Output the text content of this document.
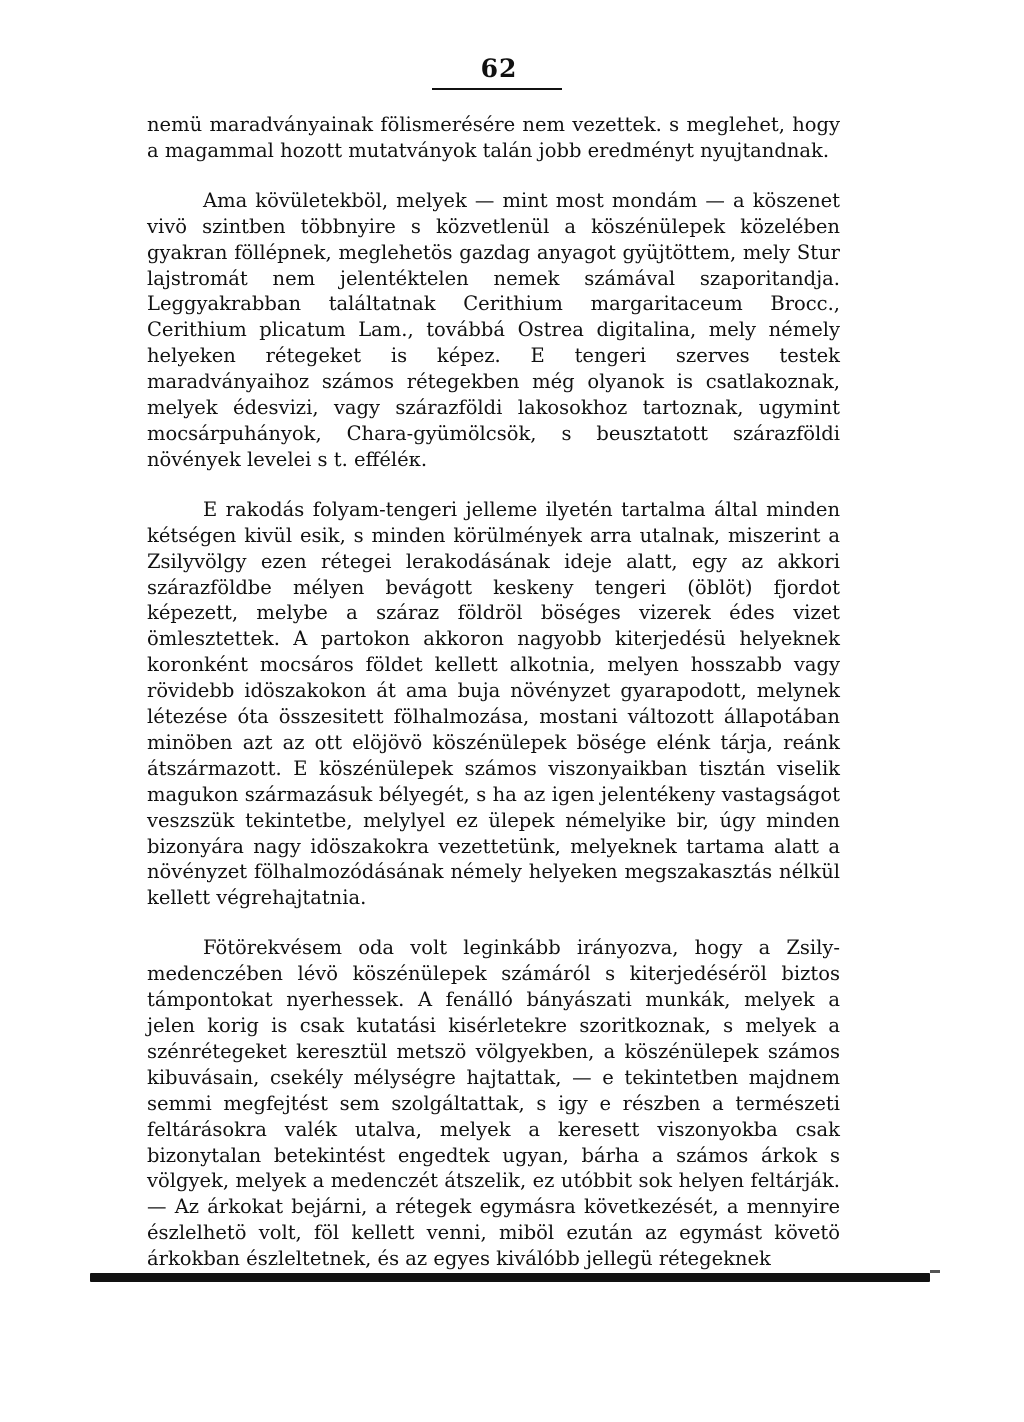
62

nemü maradványainak fölismerésére nem vezettek. s meglehet, hogy a magammal hozott mutatványok talán jobb eredményt nyujtandnak.

Ama kövületekböl, melyek — mint most mondám — a köszenet vivö szintben többnyire s közvetlenül a köszénülepek közelében gyakran föllépnek, meglehetös gazdag anyagot gyüjtöttem, mely Stur lajstromát nem jelentéktelen nemek számával szaporitandja. Leggyakrabban találtatnak Cerithium margaritaceum Brocc., Cerithium plicatum Lam., továbbá Ostrea digitalina, mely némely helyeken rétegeket is képez. E tengeri szerves testek maradványaihoz számos rétegekben még olyanok is csatlakoznak, melyek édesvizi, vagy szárazföldi lakosokhoz tartoznak, ugymint mocsárpuhányok, Chara-gyümölcsök, s beusztatott szárazföldi növények levelei s t. efféléк.

E rakodás folyam-tengeri jelleme ilyetén tartalma által minden kétségen kivül esik, s minden körülmények arra utalnak, miszerint a Zsilyvölgy ezen rétegei lerakodásának ideje alatt, egy az akkori szárazföldbe mélyen bevágott keskeny tengeri (öblöt) fjordot képezett, melybe a száraz földröl böséges vizerek édes vizet ömlesztettek. A partokon akkoron nagyobb kiterjedésü helyeknek koronként mocsáros földet kellett alkotnia, melyen hosszabb vagy rövidebb idöszakokon át ama buja növényzet gyarapodott, melynek létezése óta összesitett fölhalmozása, mostani változott állapotában minöben azt az ott elöjövö köszénülepek bösége elénk tárja, reánk átszármazott. E köszénülepek számos viszonyaikban tisztán viselik magukon származásuk bélyegét, s ha az igen jelentékeny vastagságot veszszük tekintetbe, melylyel ez ülepek némelyike bir, úgy minden bizonyára nagy idöszakokra vezettetünk, melyeknek tartama alatt a növényzet fölhalmozódásának némely helyeken megszakasztás nélkül kellett végrehajtatnia.

Fötörekvésem oda volt leginkább irányozva, hogy a Zsily-medenczében lévö köszénülepek számáról s kiterjedéséröl biztos támpontokat nyerhessek. A fenálló bányászati munkák, melyek a jelen korig is csak kutatási kisérletekre szoritkoznak, s melyek a szénrétegeket keresztül metszö völgyekben, a köszénülepek számos kibuvásain, csekély mélységre hajtattak, — e tekintetben majdnem semmi megfejtést sem szolgáltattak, s igy e részben a természeti feltárásokra valék utalva, melyek a keresett viszonyokba csak bizonytalan betekintést engedtek ugyan, bárha a számos árkok s völgyek, melyek a medenczét átszelik, ez utóbbit sok helyen feltárják. — Az árkokat bejárni, a rétegek egymásra következését, a mennyire észlelhetö volt, föl kellett venni, miböl ezután az egymást követö árkokban észleltetnek, és az egyes kiválóbb jellegü rétegeknek
